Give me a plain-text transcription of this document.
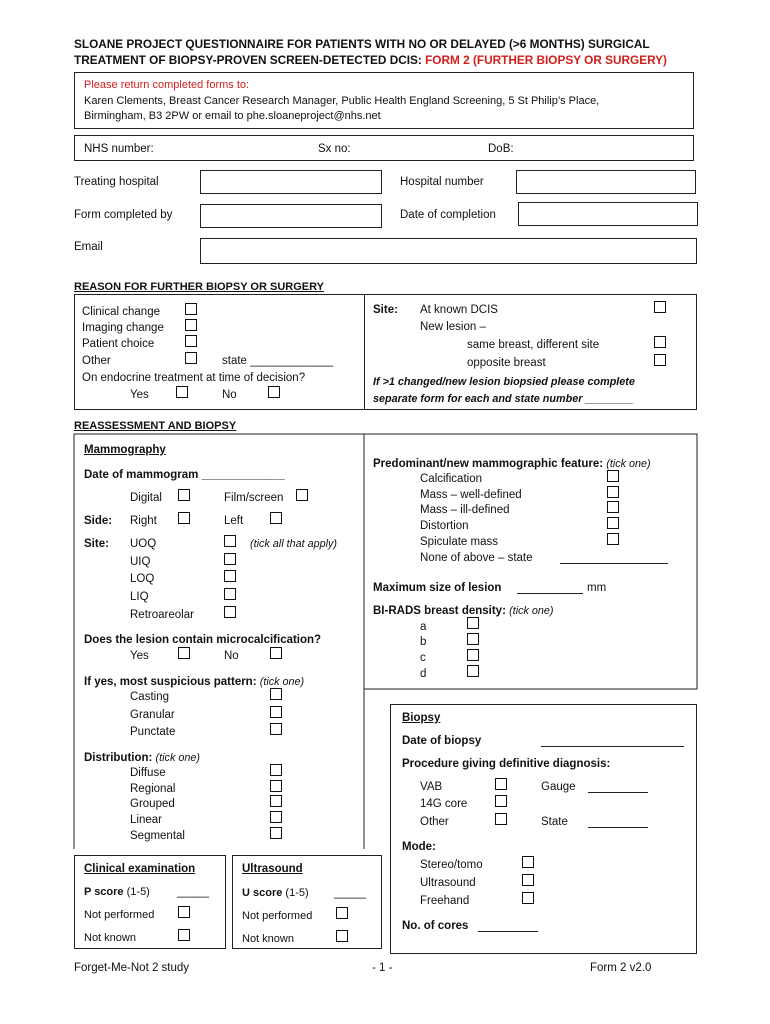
SLOANE PROJECT QUESTIONNAIRE FOR PATIENTS WITH NO OR DELAYED (>6 MONTHS) SURGICAL
TREATMENT OF BIOPSY-PROVEN SCREEN-DETECTED DCIS: FORM 2 (FURTHER BIOPSY OR SURGERY)
Please return completed forms to:
Karen Clements, Breast Cancer Research Manager, Public Health England Screening, 5 St Philip’s Place,
Birmingham, B3 2PW or email to phe.sloaneproject@nhs.net
NHS number:	Sx no:	DoB:
Treating hospital	Hospital number
Form completed by	Date of completion
Email
REASON FOR FURTHER BIOPSY OR SURGERY
Clinical change
Imaging change
Patient choice
Other	state _____________
On endocrine treatment at time of decision?
Yes	No
Site: At known DCIS
New lesion –
same breast, different site
opposite breast
If >1 changed/new lesion biopsied please complete
separate form for each and state number ________
REASSESSMENT AND BIOPSY
Mammography
Date of mammogram _____________
Digital	Film/screen
Side: Right	Left
Site: UOQ	(tick all that apply)
UIQ
LOQ
LIQ
Retroareolar
Does the lesion contain microcalcification?
Yes	No
If yes, most suspicious pattern: (tick one)
Casting
Granular
Punctate
Distribution: (tick one)
Diffuse
Regional
Grouped
Linear
Segmental
Predominant/new mammographic feature: (tick one)
Calcification
Mass – well-defined
Mass – ill-defined
Distortion
Spiculate mass
None of above – state
Maximum size of lesion	mm
BI-RADS breast density: (tick one)
a
b
c
d
Biopsy
Date of biopsy
Procedure giving definitive diagnosis:
VAB	Gauge
14G core
Other	State
Mode:
Stereo/tomo
Ultrasound
Freehand
No. of cores
Clinical examination
P score (1-5) _____
Not performed
Not known
Ultrasound
U score (1-5) _____
Not performed
Not known
Forget-Me-Not 2 study	- 1 -	Form 2 v2.0
